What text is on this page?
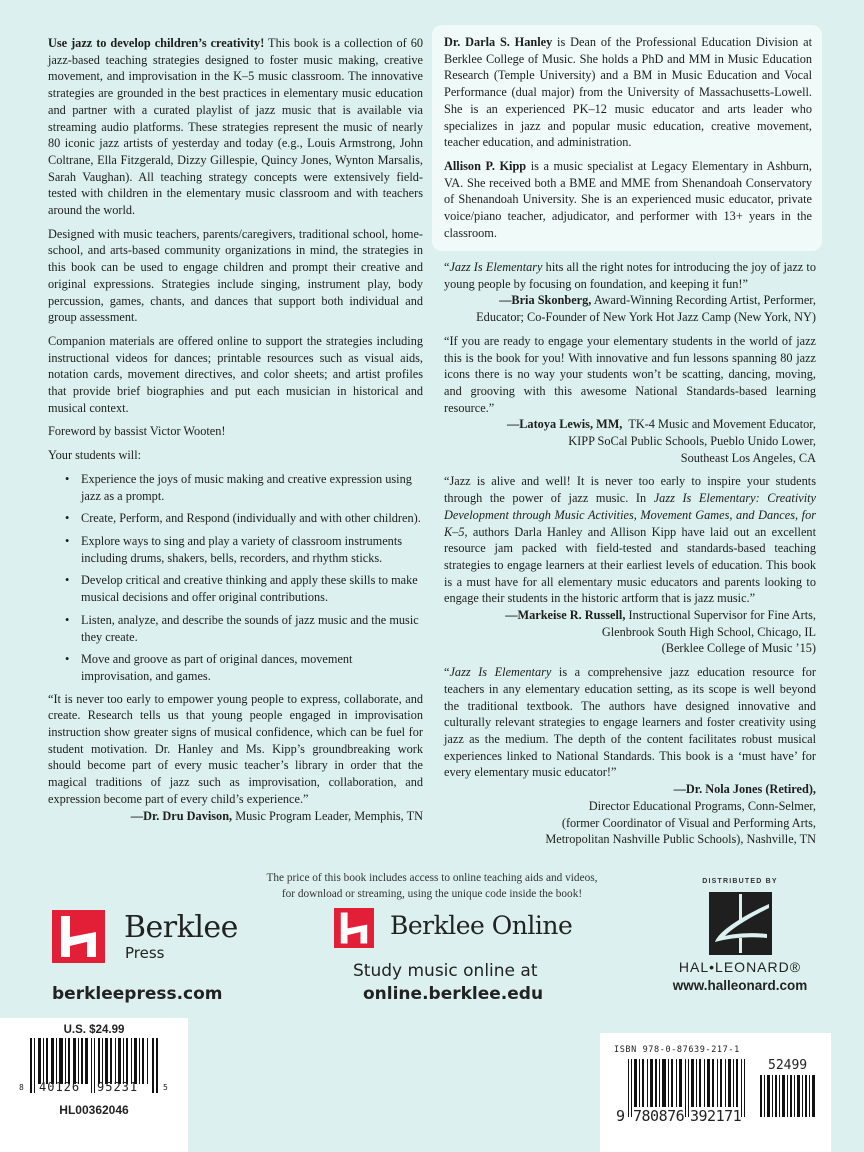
Use jazz to develop children’s creativity! This book is a collection of 60 jazz-based teaching strategies designed to foster music making, creative movement, and improvisation in the K–5 music classroom. The innovative strategies are grounded in the best practices in elementary music education and partner with a curated playlist of jazz music that is available via streaming audio platforms. These strategies represent the music of nearly 80 iconic jazz artists of yesterday and today (e.g., Louis Armstrong, John Coltrane, Ella Fitzgerald, Dizzy Gillespie, Quincy Jones, Wynton Marsalis, Sarah Vaughan). All teaching strategy concepts were extensively field-tested with children in the elementary music classroom and with teachers around the world.

Designed with music teachers, parents/caregivers, traditional school, home-school, and arts-based community organizations in mind, the strategies in this book can be used to engage children and prompt their creative and original expressions. Strategies include singing, instrument play, body percussion, games, chants, and dances that support both individual and group assessment.

Companion materials are offered online to support the strategies including instructional videos for dances; printable resources such as visual aids, notation cards, movement directives, and color sheets; and artist profiles that provide brief biographies and put each musician in historical and musical context.

Foreword by bassist Victor Wooten!

Your students will:

• Experience the joys of music making and creative expression using jazz as a prompt.
• Create, Perform, and Respond (individually and with other children).
• Explore ways to sing and play a variety of classroom instruments including drums, shakers, bells, recorders, and rhythm sticks.
• Develop critical and creative thinking and apply these skills to make musical decisions and offer original contributions.
• Listen, analyze, and describe the sounds of jazz music and the music they create.
• Move and groove as part of original dances, movement improvisation, and games.

“It is never too early to empower young people to express, collaborate, and create. Research tells us that young people engaged in improvisation instruction show greater signs of musical confidence, which can be fuel for student motivation. Dr. Hanley and Ms. Kipp’s groundbreaking work should become part of every music teacher’s library in order that the magical traditions of jazz such as improvisation, collaboration, and expression become part of every child’s experience.”

—Dr. Dru Davison, Music Program Leader, Memphis, TN

Dr. Darla S. Hanley is Dean of the Professional Education Division at Berklee College of Music. She holds a PhD and MM in Music Education Research (Temple University) and a BM in Music Education and Vocal Performance (dual major) from the University of Massachusetts-Lowell. She is an experienced PK–12 music educator and arts leader who specializes in jazz and popular music education, creative movement, teacher education, and administration.

Allison P. Kipp is a music specialist at Legacy Elementary in Ashburn, VA. She received both a BME and MME from Shenandoah Conservatory of Shenandoah University. She is an experienced music educator, private voice/piano teacher, adjudicator, and performer with 13+ years in the classroom.

“Jazz Is Elementary hits all the right notes for introducing the joy of jazz to young people by focusing on foundation, and keeping it fun!”
—Bria Skonberg, Award-Winning Recording Artist, Performer,
Educator; Co-Founder of New York Hot Jazz Camp (New York, NY)
“If you are ready to engage your elementary students in the world of jazz this is the book for you! With innovative and fun lessons spanning 80 jazz icons there is no way your students won’t be scatting, dancing, moving, and grooving with this awesome National Standards-based learning resource.”
—Latoya Lewis, MM,  TK-4 Music and Movement Educator,
KIPP SoCal Public Schools, Pueblo Unido Lower,
Southeast Los Angeles, CA
“Jazz is alive and well! It is never too early to inspire your students through the power of jazz music. In Jazz Is Elementary: Creativity Development through Music Activities, Movement Games, and Dances, for K–5, authors Darla Hanley and Allison Kipp have laid out an excellent resource jam packed with field-tested and standards-based teaching strategies to engage learners at their earliest levels of education. This book is a must have for all elementary music educators and parents looking to engage their students in the historic artform that is jazz music.”
—Markeise R. Russell, Instructional Supervisor for Fine Arts,
Glenbrook South High School, Chicago, IL
(Berklee College of Music ’15)
“Jazz Is Elementary is a comprehensive jazz education resource for teachers in any elementary education setting, as its scope is well beyond the traditional textbook. The authors have designed innovative and culturally relevant strategies to engage learners and foster creativity using jazz as the medium. The depth of the content facilitates robust musical experiences linked to National Standards. This book is a ‘must have’ for every elementary music educator!”
—Dr. Nola Jones (Retired),
Director Educational Programs, Conn-Selmer,
(former Coordinator of Visual and Performing Arts,
Metropolitan Nashville Public Schools), Nashville, TN
The price of this book includes access to online teaching aids and videos,
for download or streaming, using the unique code inside the book!
Berklee
Press
berkleepress.com
Berklee Online
Study music online at
online.berklee.edu
DISTRIBUTED BY
HAL•LEONARD®
www.halleonard.com
U.S. $24.99
8 40126 95231	5
HL00362046
ISBN 978-0-87639-217-1
9 780876 392171
52499
